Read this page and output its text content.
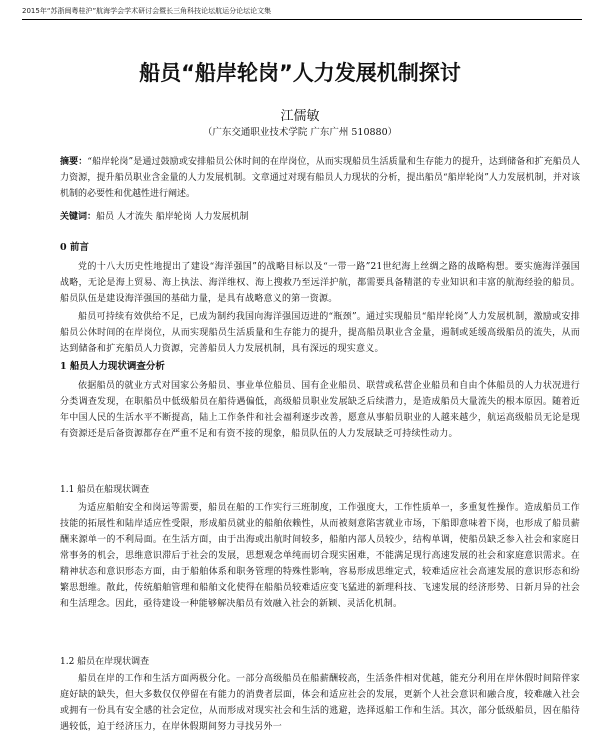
2015年“苏浙闽粤桂沪”航海学会学术研讨会暨长三角科技论坛航运分论坛论文集
船员“船岸轮岗”人力发展机制探讨
江儒敏
（广东交通职业技术学院 广东广州 510880）
摘要：“船岸轮岗”是通过鼓励或安排船员公休时间的在岸岗位，从而实现船员生活质量和生存能力的提升，达到储备和扩充船员人力资源，提升船员职业含金量的人力发展机制。文章通过对现有船员人力现状的分析，提出船员“船岸轮岗”人力发展机制，并对该机制的必要性和优越性进行阐述。
关键词：船员 人才流失 船岸轮岗 人力发展机制
0 前言

党的十八大历史性地提出了建设“海洋强国”的战略目标以及“一带一路”21世纪海上丝绸之路的战略构想。要实施海洋强国战略，无论是海上贸易、海上执法、海洋维权、海上搜救乃至远洋护航，都需要具备精湛的专业知识和丰富的航海经验的船员。船员队伍是建设海洋强国的基础力量，是具有战略意义的第一资源。

船员可持续有效供给不足，已成为制约我国向海洋强国迈进的“瓶颈”。通过实现船员“船岸轮岗”人力发展机制，激励或安排船员公休时间的在岸岗位，从而实现船员生活质量和生存能力的提升，提高船员职业含金量，遏制或延缓高级船员的流失，从而达到储备和扩充船员人力资源，完善船员人力发展机制，具有深远的现实意义。

1 船员人力现状调查分析

依据船员的就业方式对国家公务船员、事业单位船员、国有企业船员、联营或私营企业船员和自由个体船员的人力状况进行分类调查发现，在职船员中低级船员在船待遇偏低，高级船员职业发展缺乏后续潜力，是造成船员大量流失的根本原因。随着近年中国人民的生活水平不断提高，陆上工作条件和社会福利逐步改善，愿意从事船员职业的人越来越少，航运高级船员无论是现有资源还是后备资源都存在严重不足和有资不接的现象，船员队伍的人力发展缺乏可持续性动力。

1.1 船员在船现状调查

为适应船舶安全和岗运等需要，船员在船的工作实行三班制度，工作强度大，工作性质单一，多重复性操作。造成船员工作技能的拓展性和陆岸适应性受限，形成船员就业的船舶依赖性，从而被刻意陷害就业市场，下船即意味着下岗，也形成了船员薪酬来源单一的不利局面。在生活方面，由于出海或出航时间较多，船舶内部人员较少，结构单调，使船员缺乏参入社会和家庭日常事务的机会，思维意识滞后于社会的发展，思想观念单纯而切合现实困难，不能满足现行高速发展的社会和家庭意识需求。在精神状态和意识形态方面，由于船舶体系和职务管理的特殊性影响，容易形成思维定式，较难适应社会高速发展的意识形态和纷繁思想维。散此，传统船舶管理和船舶文化使得在船船员较难适应变飞猛进的新理科技、飞速发展的经济形势、日新月异的社会和生活理念。因此，亟待建设一种能够解决船员有效融入社会的新颖、灵活化机制。

1.2 船员在岸现状调查

船员在岸的工作和生活方面两极分化。一部分高级船员在船薪酬较高，生活条件相对优越，能充分利用在岸休假时间陪伴家庭好缺的缺失，但大多数仅仅停留在有能力的消费者层面，体会和适应社会的发展，更新个人社会意识和融合度，较难融入社会或拥有一份具有安全感的社会定位，从而形成对现实社会和生活的逃避，选择返船工作和生活。其次，部分低级船员，因在船待遇较低，迫于经济压力，在岸休假期间努力寻找另外一
